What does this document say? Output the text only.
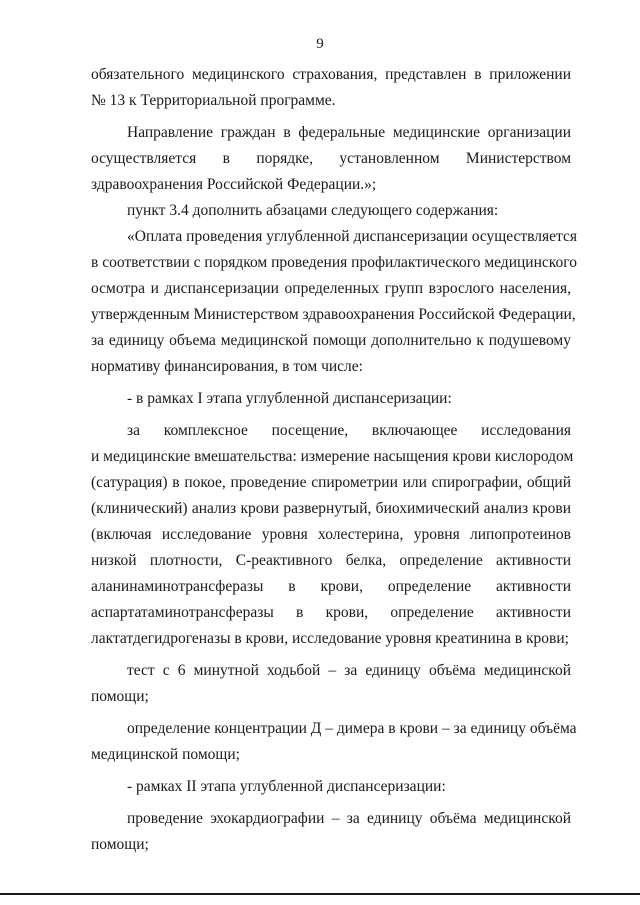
9

обязательного медицинского страхования, представлен в приложении
№ 13 к Территориальной программе.

Направление граждан в федеральные медицинские организации
осуществляется в порядке, установленном Министерством
здравоохранения Российской Федерации.»;

пункт 3.4 дополнить абзацами следующего содержания:

«Оплата проведения углубленной диспансеризации осуществляется
в соответствии с порядком проведения профилактического медицинского
осмотра и диспансеризации определенных групп взрослого населения,
утвержденным Министерством здравоохранения Российской Федерации,
за единицу объема медицинской помощи дополнительно к подушевому
нормативу финансирования, в том числе:

- в рамках I этапа углубленной диспансеризации:

за комплексное посещение, включающее исследования
и медицинские вмешательства: измерение насыщения крови кислородом
(сатурация) в покое, проведение спирометрии или спирографии, общий
(клинический) анализ крови развернутый, биохимический анализ крови
(включая исследование уровня холестерина, уровня липопротеинов
низкой плотности, С-реактивного белка, определение активности
аланинаминотрансферазы в крови, определение активности
аспартатаминотрансферазы в крови, определение активности
лактатдегидрогеназы в крови, исследование уровня креатинина в крови;

тест с 6 минутной ходьбой – за единицу объёма медицинской
помощи;

определение концентрации Д – димера в крови – за единицу объёма
медицинской помощи;

- рамках II этапа углубленной диспансеризации:

проведение эхокардиографии – за единицу объёма медицинской
помощи;
